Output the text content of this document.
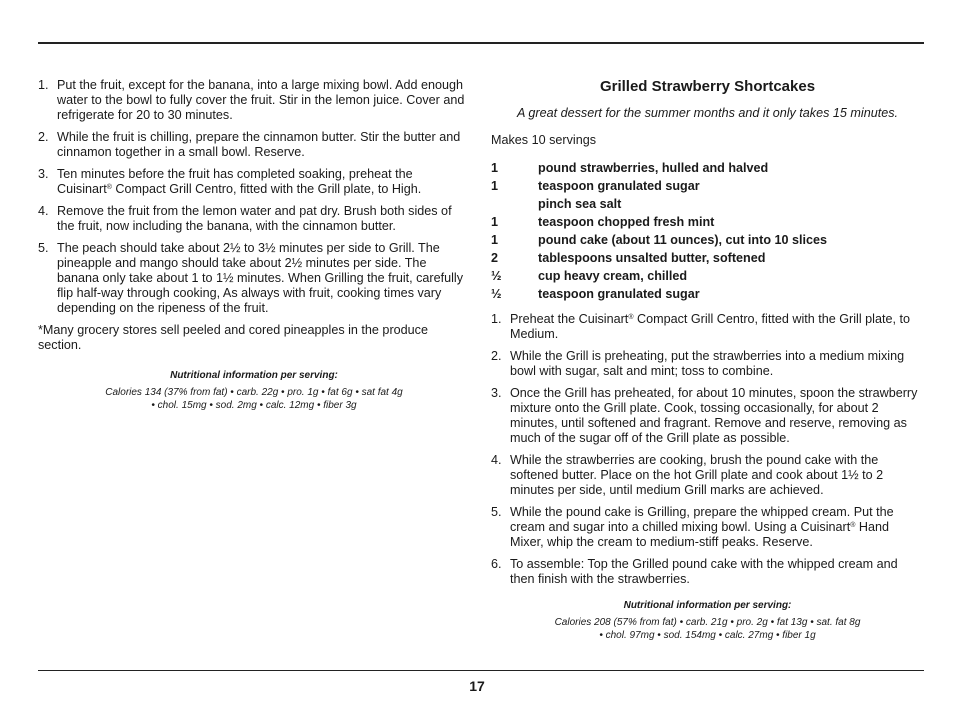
1. Put the fruit, except for the banana, into a large mixing bowl. Add enough water to the bowl to fully cover the fruit. Stir in the lemon juice. Cover and refrigerate for 20 to 30 minutes.
2. While the fruit is chilling, prepare the cinnamon butter. Stir the butter and cinnamon together in a small bowl. Reserve.
3. Ten minutes before the fruit has completed soaking, preheat the Cuisinart® Compact Grill Centro, fitted with the Grill plate, to High.
4. Remove the fruit from the lemon water and pat dry. Brush both sides of the fruit, now including the banana, with the cinnamon butter.
5. The peach should take about 2½ to 3½ minutes per side to Grill. The pineapple and mango should take about 2½ minutes per side. The banana only take about 1 to 1½ minutes. When Grilling the fruit, carefully flip half-way through cooking, As always with fruit, cooking times vary depending on the ripeness of the fruit.

*Many grocery stores sell peeled and cored pineapples in the produce section.

Nutritional information per serving:
Calories 134 (37% from fat) • carb. 22g • pro. 1g • fat 6g • sat fat 4g
• chol. 15mg • sod. 2mg • calc. 12mg • fiber 3g
Grilled Strawberry Shortcakes

A great dessert for the summer months and it only takes 15 minutes.

Makes 10 servings

1	pound strawberries, hulled and halved
1	teaspoon granulated sugar
	pinch sea salt
1	teaspoon chopped fresh mint
1	pound cake (about 11 ounces), cut into 10 slices
2	tablespoons unsalted butter, softened
½	cup heavy cream, chilled
½	teaspoon granulated sugar
1. Preheat the Cuisinart® Compact Grill Centro, fitted with the Grill plate, to Medium.
2. While the Grill is preheating, put the strawberries into a medium mixing bowl with sugar, salt and mint; toss to combine.
3. Once the Grill has preheated, for about 10 minutes, spoon the strawberry mixture onto the Grill plate. Cook, tossing occasionally, for about 2 minutes, until softened and fragrant. Remove and reserve, removing as much of the sugar off of the Grill plate as possible.
4. While the strawberries are cooking, brush the pound cake with the softened butter. Place on the hot Grill plate and cook about 1½ to 2 minutes per side, until medium Grill marks are achieved.
5. While the pound cake is Grilling, prepare the whipped cream. Put the cream and sugar into a chilled mixing bowl. Using a Cuisinart® Hand Mixer, whip the cream to medium-stiff peaks. Reserve.
6. To assemble: Top the Grilled pound cake with the whipped cream and then finish with the strawberries.
Nutritional information per serving:
Calories 208 (57% from fat) • carb. 21g • pro. 2g • fat 13g • sat. fat 8g
• chol. 97mg • sod. 154mg • calc. 27mg • fiber 1g
17
